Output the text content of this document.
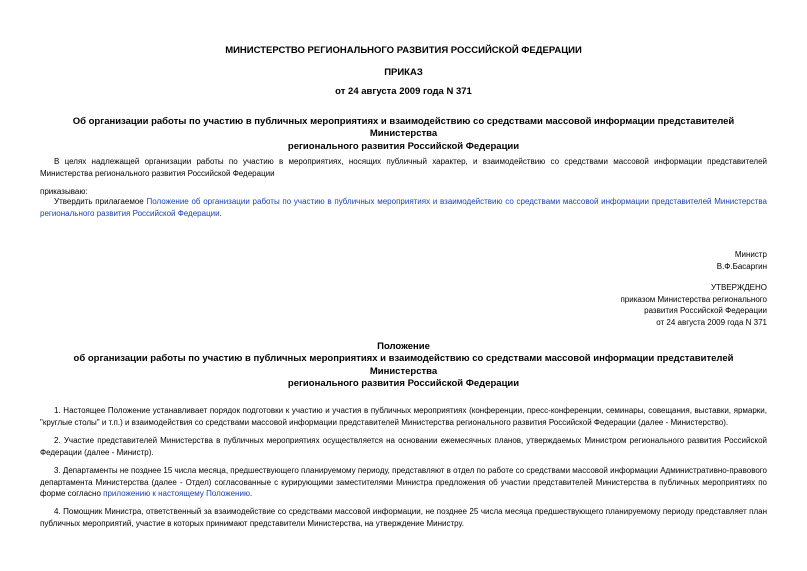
МИНИСТЕРСТВО РЕГИОНАЛЬНОГО РАЗВИТИЯ РОССИЙСКОЙ ФЕДЕРАЦИИ
ПРИКАЗ
от 24 августа 2009 года N 371
Об организации работы по участию в публичных мероприятиях и взаимодействию со средствами массовой информации представителей Министерства
регионального развития Российской Федерации
В целях надлежащей организации работы по участию в мероприятиях, носящих публичный характер, и взаимодействию со средствами массовой информации представителей Министерства регионального развития Российской Федерации
приказываю:
Утвердить прилагаемое Положение об организации работы по участию в публичных мероприятиях и взаимодействию со средствами массовой информации представителей Министерства регионального развития Российской Федерации.
Министр
В.Ф.Басаргин
УТВЕРЖДЕНО
приказом Министерства регионального
развития Российской Федерации
от 24 августа 2009 года N 371
Положение
об организации работы по участию в публичных мероприятиях и взаимодействию со средствами массовой информации представителей Министерства
регионального развития Российской Федерации
1. Настоящее Положение устанавливает порядок подготовки к участию и участия в публичных мероприятиях (конференции, пресс-конференции, семинары, совещания, выставки, ярмарки, "круглые столы" и т.п.) и взаимодействия со средствами массовой информации представителей Министерства регионального развития Российской Федерации (далее - Министерство).
2. Участие представителей Министерства в публичных мероприятиях осуществляется на основании ежемесячных планов, утверждаемых Министром регионального развития Российской Федерации (далее - Министр).
3. Департаменты не позднее 15 числа месяца, предшествующего планируемому периоду, представляют в отдел по работе со средствами массовой информации Административно-правового департамента Министерства (далее - Отдел) согласованные с курирующими заместителями Министра предложения об участии представителей Министерства в публичных мероприятиях по форме согласно приложению к настоящему Положению.
4. Помощник Министра, ответственный за взаимодействие со средствами массовой информации, не позднее 25 числа месяца предшествующего планируемому периоду представляет план публичных мероприятий, участие в которых принимают представители Министерства, на утверждение Министру.
